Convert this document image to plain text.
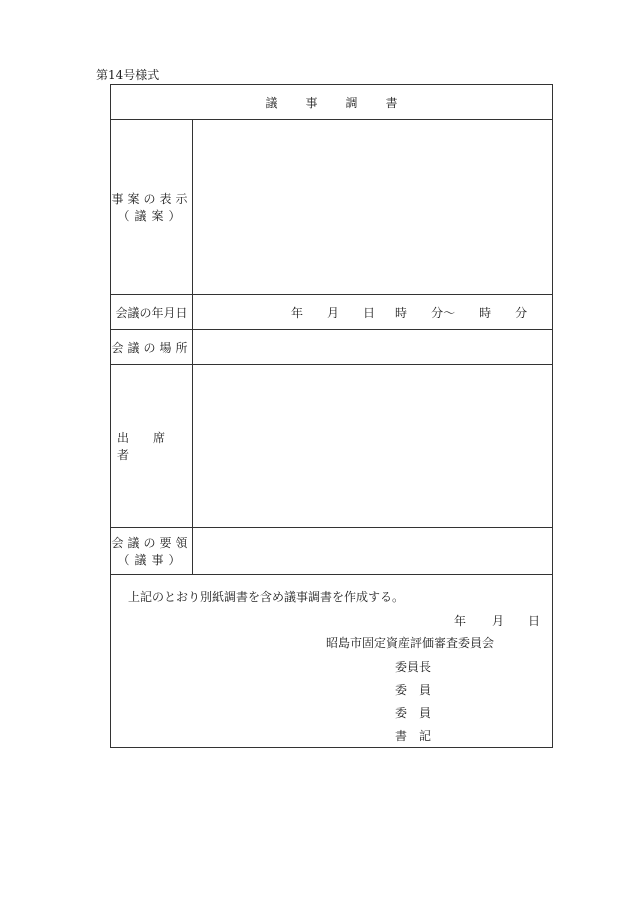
第14号様式
議事調書
事案の表示
（議案）
会議の年月日	年 月 日 時 分〜 時 分
会議の場所
出席者
会議の要領
（議事）
上記のとおり別紙調書を含め議事調書を作成する。
年 月 日
昭島市固定資産評価審査委員会
委員長
委員
委員
書記
